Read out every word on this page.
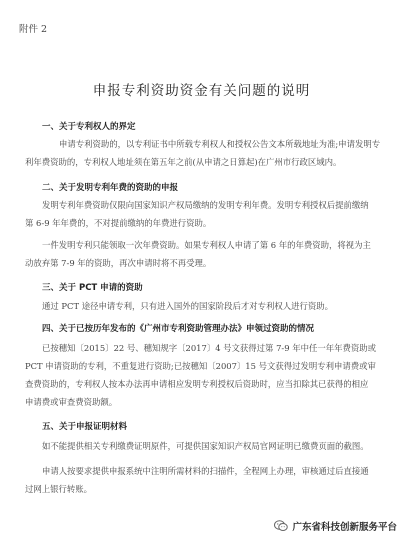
附件 2
申报专利资助资金有关问题的说明
一、关于专利权人的界定
申请专利资助的，以专利证书中所载专利权人和授权公告文本所载地址为准;申请发明专
利年费资助的，专利权人地址须在第五年之前(从申请之日算起)在广州市行政区域内。
二、关于发明专利年费的资助的申报
发明专利年费资助仅限向国家知识产权局缴纳的发明专利年费。发明专利授权后提前缴纳
第 6-9 年年费的，不对提前缴纳的年费进行资助。
一件发明专利只能领取一次年费资助。如果专利权人申请了第 6 年的年费资助，将视为主
动放弃第 7-9 年的资助，再次申请时将不再受理。
三、关于 PCT 申请的资助
通过 PCT 途径申请专利，只有进入国外的国家阶段后才对专利权人进行资助。
四、关于已按历年发布的《广州市专利资助管理办法》申领过资助的情况
已按穗知〔2015〕22 号、穗知规字〔2017〕4 号文获得过第 7-9 年中任一年年费资助或
PCT 申请资助的专利，不重复进行资助;已按穗知〔2007〕15 号文获得过发明专利申请费或审
查费资助的，专利权人按本办法再申请相应发明专利授权后资助时，应当扣除其已获得的相应
申请费或审查费资助额。
五、关于申报证明材料
如不能提供相关专利缴费证明原件，可提供国家知识产权局官网证明已缴费页面的截图。
申请人按要求提供申报系统中注明所需材料的扫描件，全程网上办理，审核通过后直接通
过网上银行转账。
广东省科技创新服务平台
